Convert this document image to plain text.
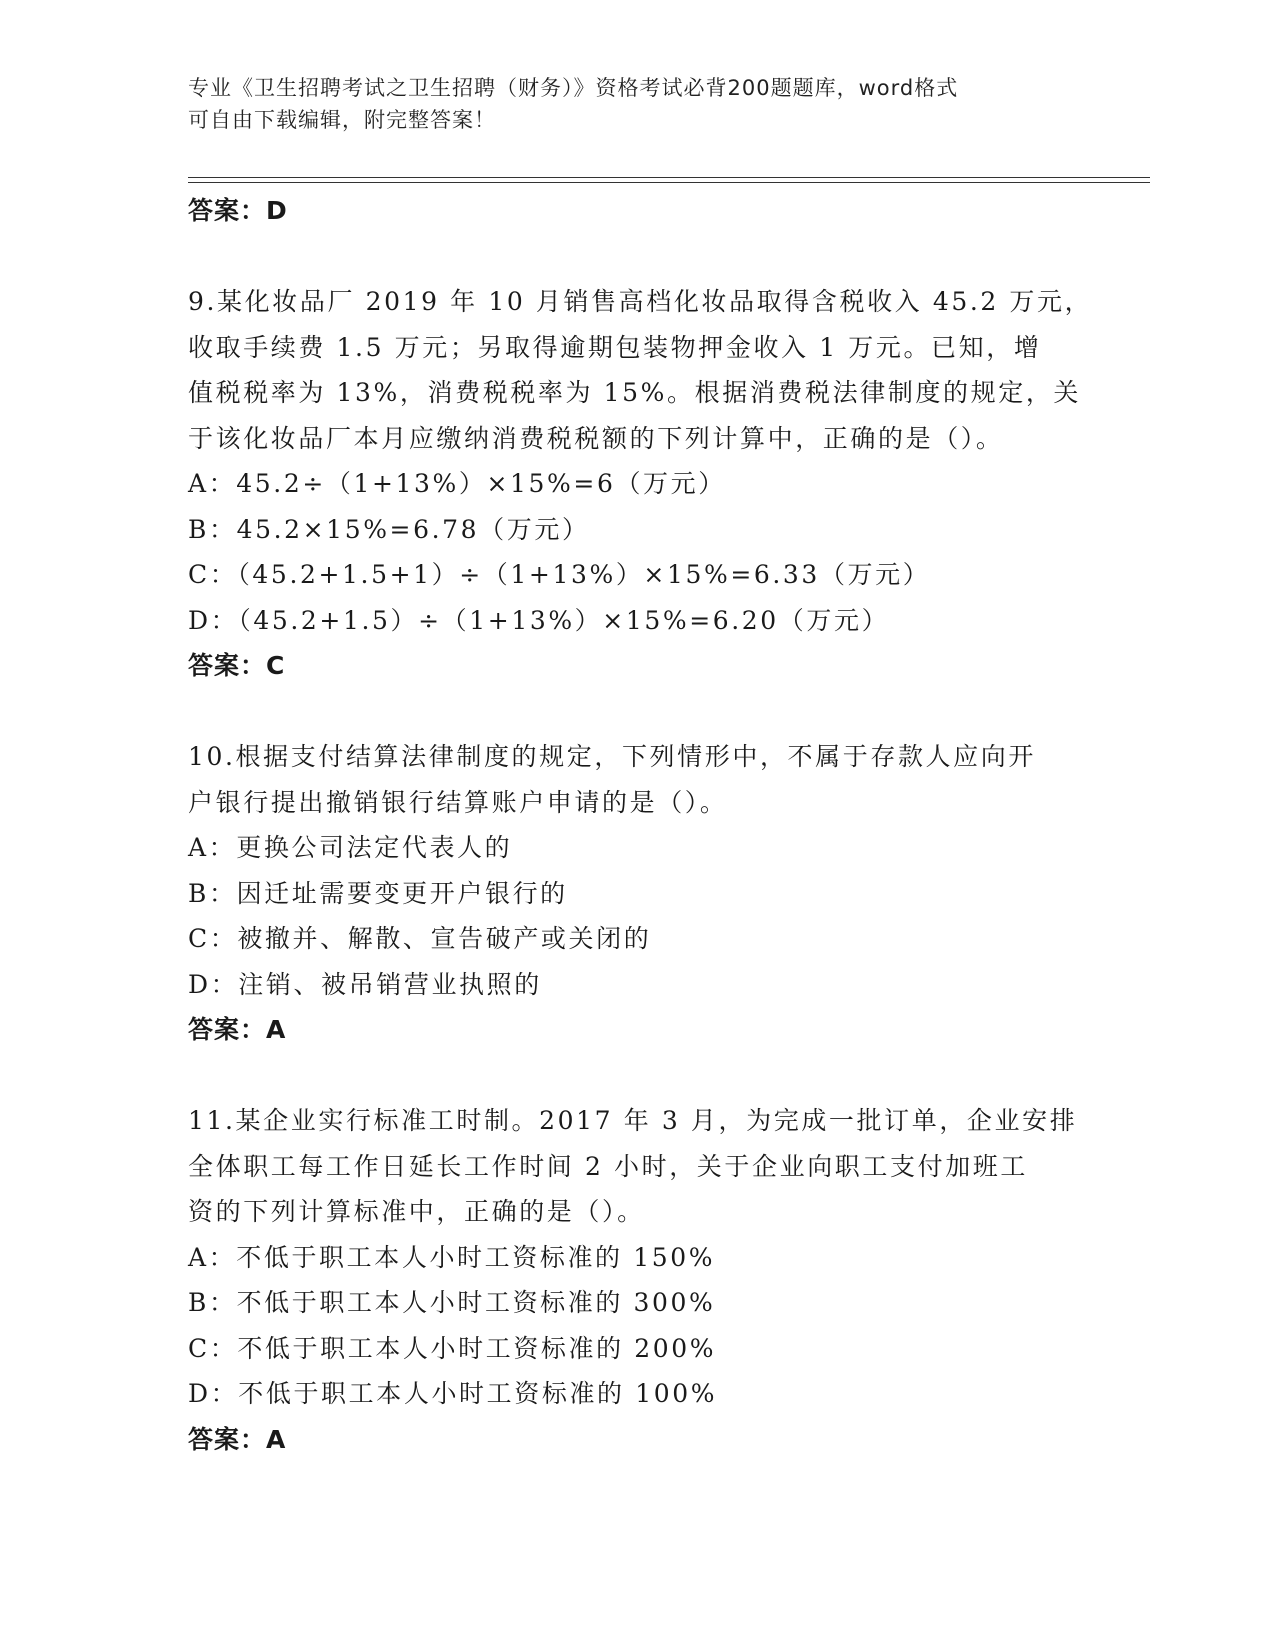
专业《卫生招聘考试之卫生招聘（财务）》资格考试必背200题题库，word格式
可自由下载编辑，附完整答案！
答案：D
9.某化妆品厂 2019 年 10 月销售高档化妆品取得含税收入 45.2 万元，
收取手续费 1.5 万元；另取得逾期包装物押金收入 1 万元。已知，增
值税税率为 13%，消费税税率为 15%。根据消费税法律制度的规定，关
于该化妆品厂本月应缴纳消费税税额的下列计算中，正确的是（）。
A：45.2÷（1+13%）×15%=6（万元）
B：45.2×15%=6.78（万元）
C：（45.2+1.5+1）÷（1+13%）×15%=6.33（万元）
D：（45.2+1.5）÷（1+13%）×15%=6.20（万元）
答案：C
10.根据支付结算法律制度的规定，下列情形中，不属于存款人应向开
户银行提出撤销银行结算账户申请的是（）。
A：更换公司法定代表人的
B：因迁址需要变更开户银行的
C：被撤并、解散、宣告破产或关闭的
D：注销、被吊销营业执照的
答案：A
11.某企业实行标准工时制。2017 年 3 月，为完成一批订单，企业安排
全体职工每工作日延长工作时间 2 小时，关于企业向职工支付加班工
资的下列计算标准中，正确的是（）。
A：不低于职工本人小时工资标准的 150%
B：不低于职工本人小时工资标准的 300%
C：不低于职工本人小时工资标准的 200%
D：不低于职工本人小时工资标准的 100%
答案：A
